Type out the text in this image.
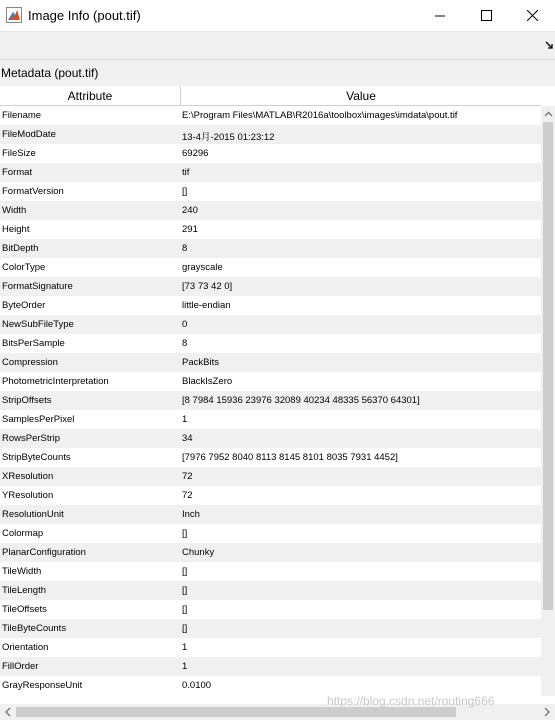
Image Info (pout.tif)
Metadata (pout.tif)
Attribute	Value
Filename	E:\Program Files\MATLAB\R2016a\toolbox\images\imdata\pout.tif
FileModDate	13-4月-2015 01:23:12
FileSize	69296
Format	tif
FormatVersion	[]
Width	240
Height	291
BitDepth	8
ColorType	grayscale
FormatSignature	[73 73 42 0]
ByteOrder	little-endian
NewSubFileType	0
BitsPerSample	8
Compression	PackBits
PhotometricInterpretation	BlackIsZero
StripOffsets	[8 7984 15936 23976 32089 40234 48335 56370 64301]
SamplesPerPixel	1
RowsPerStrip	34
StripByteCounts	[7976 7952 8040 8113 8145 8101 8035 7931 4452]
XResolution	72
YResolution	72
ResolutionUnit	Inch
Colormap	[]
PlanarConfiguration	Chunky
TileWidth	[]
TileLength	[]
TileOffsets	[]
TileByteCounts	[]
Orientation	1
FillOrder	1
GrayResponseUnit	0.0100
https://blog.csdn.net/routing666
